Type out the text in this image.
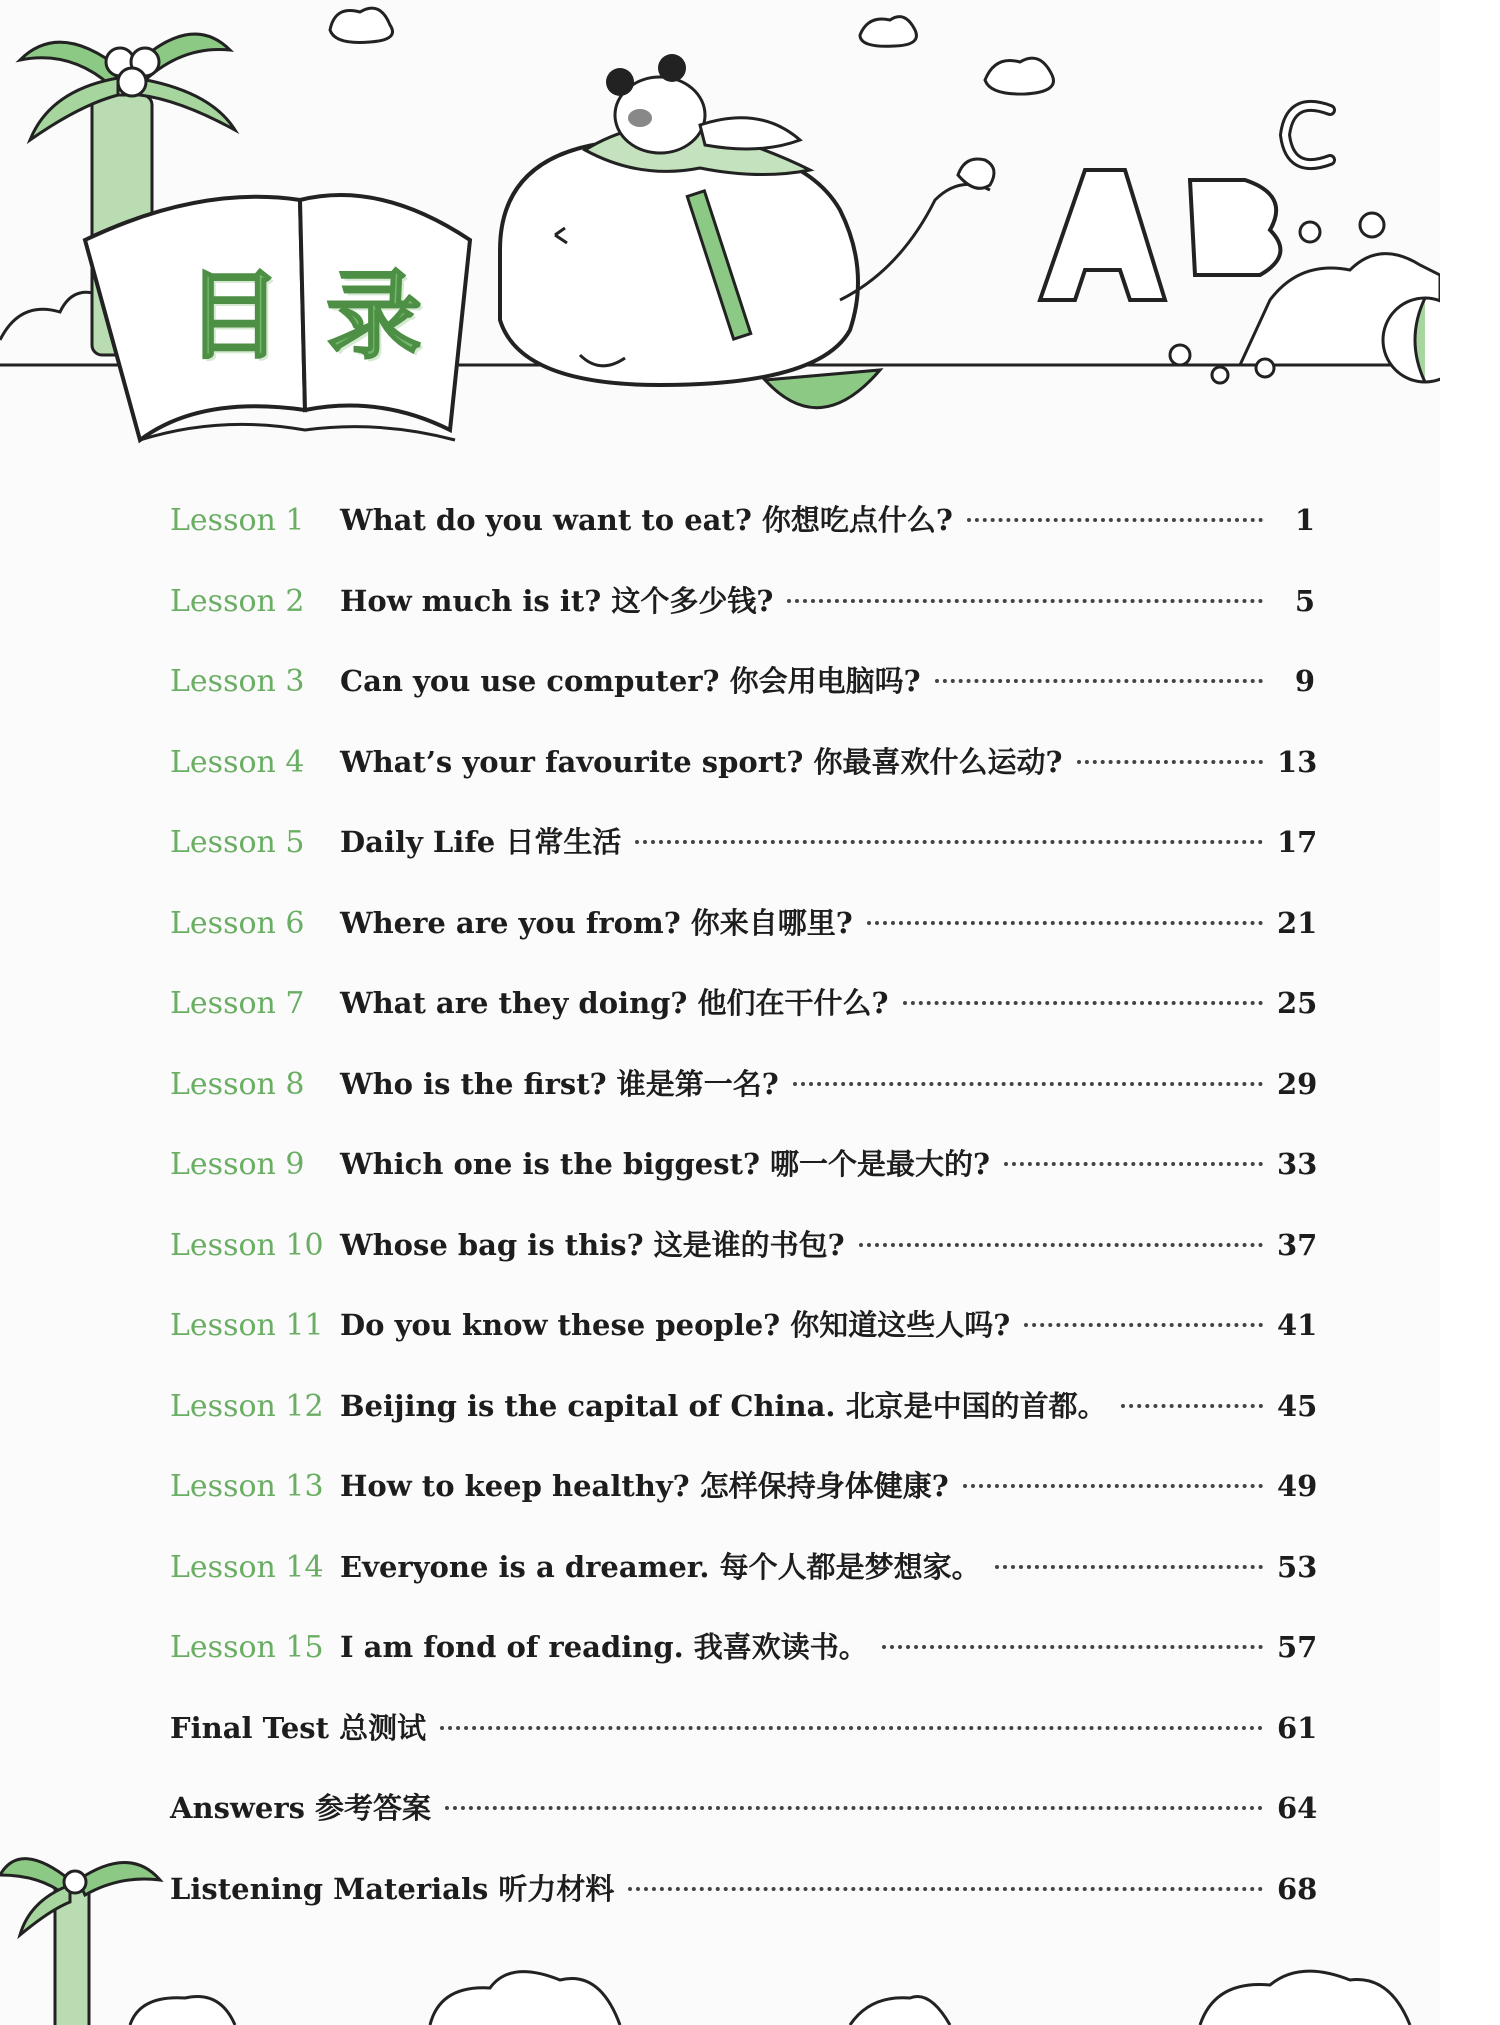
目录
Lesson 1	What do you want to eat? 你想吃点什么?	1
Lesson 2	How much is it? 这个多少钱?	5
Lesson 3	Can you use computer? 你会用电脑吗?	9
Lesson 4	What’s your favourite sport? 你最喜欢什么运动?	13
Lesson 5	Daily Life 日常生活	17
Lesson 6	Where are you from? 你来自哪里?	21
Lesson 7	What are they doing? 他们在干什么?	25
Lesson 8	Who is the first? 谁是第一名?	29
Lesson 9	Which one is the biggest? 哪一个是最大的?	33
Lesson 10 Whose bag is this? 这是谁的书包?	37
Lesson 11 Do you know these people? 你知道这些人吗?	41
Lesson 12 Beijing is the capital of China. 北京是中国的首都。	45
Lesson 13 How to keep healthy? 怎样保持身体健康?	49
Lesson 14 Everyone is a dreamer. 每个人都是梦想家。	53
Lesson 15 I am fond of reading. 我喜欢读书。	57
Final Test 总测试	61
Answers 参考答案	64
Listening Materials 听力材料	68
